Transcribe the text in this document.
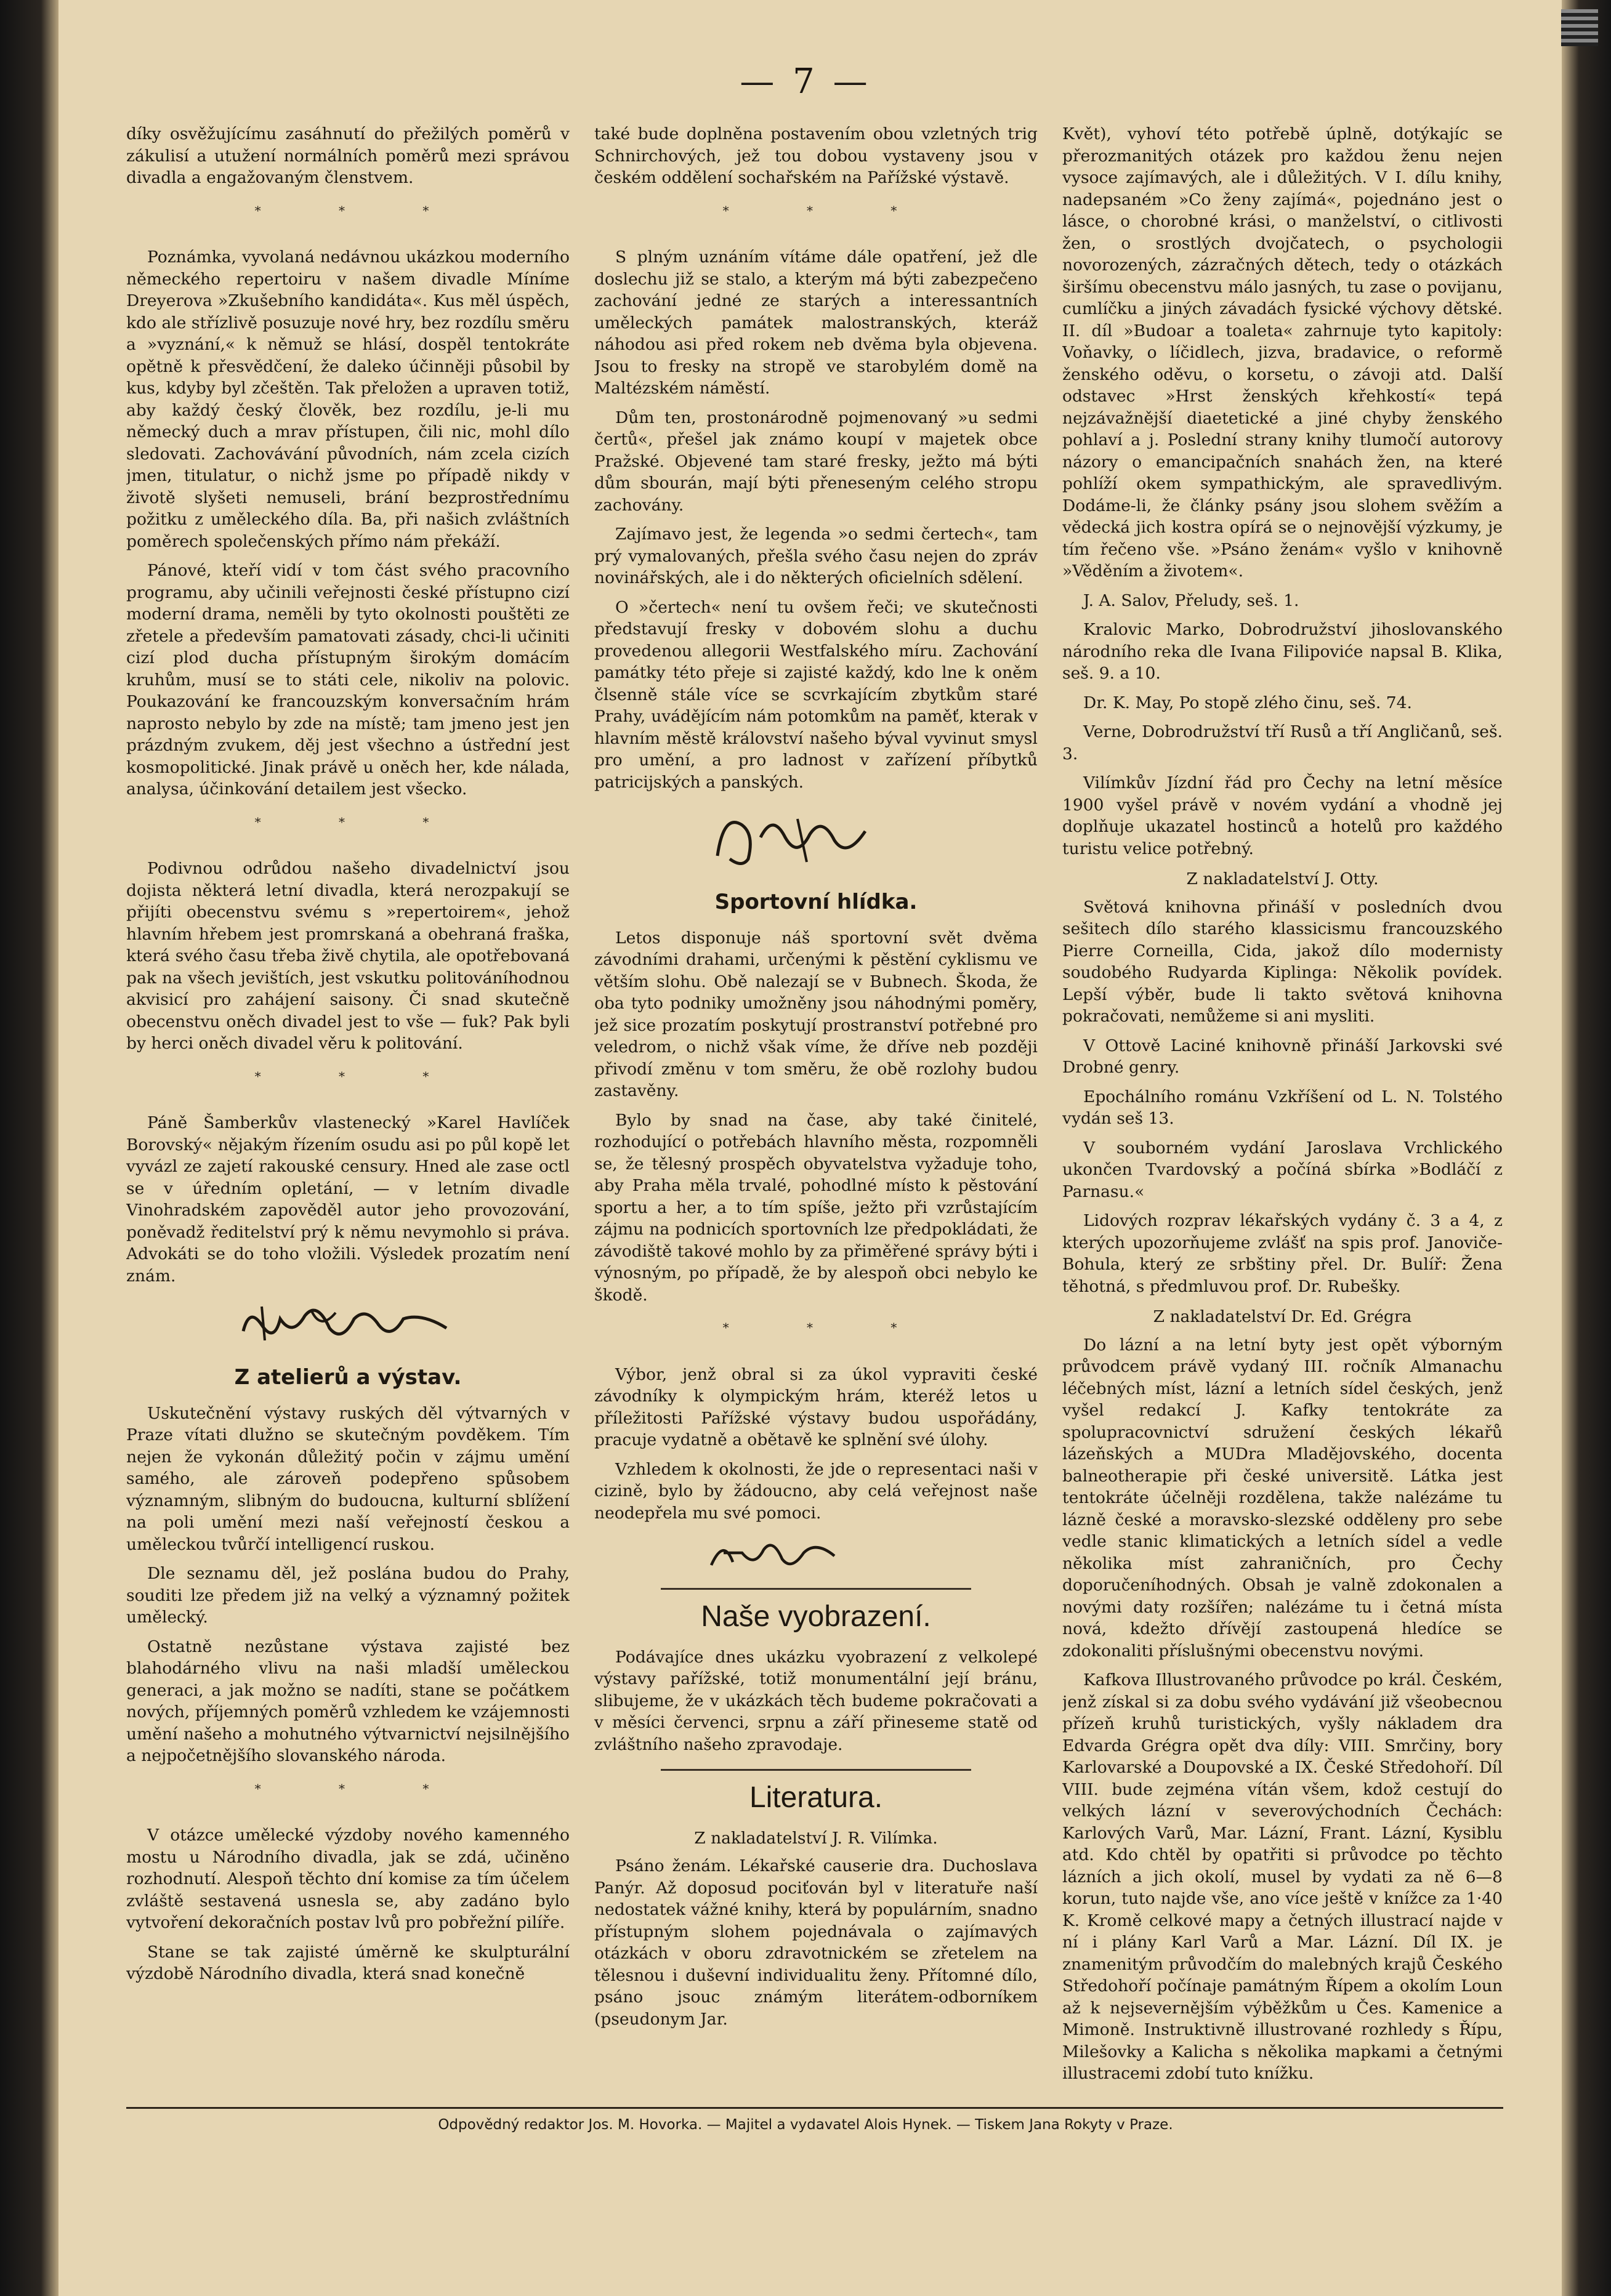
— 7 —

díky osvěžujícímu zasáhnutí do přežilých poměrů v zákulisí a utužení normálních poměrů mezi správou divadla a engažovaným členstvem.

* * *

Poznámka, vyvolaná nedávnou ukázkou moderního německého repertoiru v našem divadle Míníme Dreyerova »Zkušebního kandidáta«. Kus měl úspěch, kdo ale střízlivě posuzuje nové hry, bez rozdílu směru a »vyznání,« k němuž se hlásí, dospěl tentokráte opětně k přesvědčení, že daleko účinněji působil by kus, kdyby byl zčeštěn. Tak přeložen a upraven totiž, aby každý český člověk, bez rozdílu, je-li mu německý duch a mrav přístupen, čili nic, mohl dílo sledovati. Zachovávání původních, nám zcela cizích jmen, titulatur, o nichž jsme po případě nikdy v životě slyšeti nemuseli, brání bezprostřednímu požitku z uměleckého díla. Ba, při našich zvláštních poměrech společenských přímo nám překáží.

Pánové, kteří vidí v tom část svého pracovního programu, aby učinili veřejnosti české přístupno cizí moderní drama, neměli by tyto okolnosti pouštěti ze zřetele a především pamatovati zásady, chci-li učiniti cizí plod ducha přístupným širokým domácím kruhům, musí se to státi cele, nikoliv na polovic. Poukazování ke francouzským konversačním hrám naprosto nebylo by zde na místě; tam jmeno jest jen prázdným zvukem, děj jest všechno a ústřední jest kosmopolitické. Jinak právě u oněch her, kde nálada, analysa, účinkování detailem jest všecko.

* * *

Podivnou odrůdou našeho divadelnictví jsou dojista některá letní divadla, která nerozpakují se přijíti obecenstvu svému s »repertoirem«, jehož hlavním hřebem jest promrskaná a obehraná fraška, která svého času třeba živě chytila, ale opotřebovaná pak na všech jevištích, jest vskutku politováníhodnou akvisicí pro zahájení saisony. Či snad skutečně obecenstvu oněch divadel jest to vše — fuk? Pak byli by herci oněch divadel věru k politování.

* * *

Páně Šamberkův vlastenecký »Karel Havlíček Borovský« nějakým řízením osudu asi po půl kopě let vyvázl ze zajetí rakouské censury. Hned ale zase octl se v úředním opletání, — v letním divadle Vinohradském zapověděl autor jeho provozování, poněvadž ředitelství prý k němu nevymohlo si práva. Advokáti se do toho vložili. Výsledek prozatím není znám.

Z atelierů a výstav.

Uskutečnění výstavy ruských děl výtvarných v Praze vítati dlužno se skutečným povděkem. Tím nejen že vykonán důležitý počin v zájmu umění samého, ale zároveň podepřeno spůsobem významným, slibným do budoucna, kulturní sblížení na poli umění mezi naší veřejností českou a uměleckou tvůrčí intelligencí ruskou.

Dle seznamu děl, jež poslána budou do Prahy, souditi lze předem již na velký a významný požitek umělecký.

Ostatně nezůstane výstava zajisté bez blahodárného vlivu na naši mladší uměleckou generaci, a jak možno se nadíti, stane se počátkem nových, příjemných poměrů vzhledem ke vzájemnosti umění našeho a mohutného výtvarnictví nejsilnějšího a nejpočetnějšího slovanského národa.

* * *

V otázce umělecké výzdoby nového kamenného mostu u Národního divadla, jak se zdá, učiněno rozhodnutí. Alespoň těchto dní komise za tím účelem zvláště sestavená usnesla se, aby zadáno bylo vytvoření dekoračních postav lvů pro pobřežní pilíře.

Stane se tak zajisté úměrně ke skulpturální výzdobě Národního divadla, která snad konečně

také bude doplněna postavením obou vzletných trig Schnirchových, jež tou dobou vystaveny jsou v českém oddělení sochařském na Pařížské výstavě.

* * *

S plným uznáním vítáme dále opatření, jež dle doslechu již se stalo, a kterým má býti zabezpečeno zachování jedné ze starých a interessantních uměleckých památek malostranských, kteráž náhodou asi před rokem neb dvěma byla objevena. Jsou to fresky na stropě ve starobylém domě na Maltézském náměstí.

Dům ten, prostonárodně pojmenovaný »u sedmi čertů«, přešel jak známo koupí v majetek obce Pražské. Objevené tam staré fresky, ježto má býti dům sbourán, mají býti přeneseným celého stropu zachovány.

Zajímavo jest, že legenda »o sedmi čertech«, tam prý vymalovaných, přešla svého času nejen do zpráv novinářských, ale i do některých oficielních sdělení.

O »čertech« není tu ovšem řeči; ve skutečnosti představují fresky v dobovém slohu a duchu provedenou allegorii Westfalského míru. Zachování památky této přeje si zajisté každý, kdo lne k oněm člsenně stále více se scvrkajícím zbytkům staré Prahy, uvádějícím nám potomkům na paměť, kterak v hlavním městě království našeho býval vyvinut smysl pro umění, a pro ladnost v zařízení příbytků patricijských a panských.

Sportovní hlídka.

Letos disponuje náš sportovní svět dvěma závodními drahami, určenými k pěstění cyklismu ve větším slohu. Obě nalezají se v Bubnech. Škoda, že oba tyto podniky umožněny jsou náhodnými poměry, jež sice prozatím poskytují prostranství potřebné pro veledrom, o nichž však víme, že dříve neb později přivodí změnu v tom směru, že obě rozlohy budou zastavěny.

Bylo by snad na čase, aby také činitelé, rozhodující o potřebách hlavního města, rozpomněli se, že tělesný prospěch obyvatelstva vyžaduje toho, aby Praha měla trvalé, pohodlné místo k pěstování sportu a her, a to tím spíše, ježto při vzrůstajícím zájmu na podnicích sportovních lze předpokládati, že závodiště takové mohlo by za přiměřené správy býti i výnosným, po případě, že by alespoň obci nebylo ke škodě.

* * *

Výbor, jenž obral si za úkol vypraviti české závodníky k olympickým hrám, kteréž letos u příležitosti Pařížské výstavy budou uspořádány, pracuje vydatně a obětavě ke splnění své úlohy.

Vzhledem k okolnosti, že jde o representaci naši v cizině, bylo by žádoucno, aby celá veřejnost naše neodepřela mu své pomoci.

Naše vyobrazení.

Podávajíce dnes ukázku vyobrazení z velkolepé výstavy pařížské, totiž monumentální její bránu, slibujeme, že v ukázkách těch budeme pokračovati a v měsíci červenci, srpnu a září přineseme statě od zvláštního našeho zpravodaje.

Literatura.

Z nakladatelství J. R. Vilímka.

Psáno ženám. Lékařské causerie dra. Duchoslava Panýr. Až doposud pociťován byl v literatuře naší nedostatek vážné knihy, která by populárním, snadno přístupným slohem pojednávala o zajímavých otázkách v oboru zdravotnickém se zřetelem na tělesnou i duševní individualitu ženy. Přítomné dílo, psáno jsouc známým literátem-odborníkem (pseudonym Jar.

Květ), vyhoví této potřebě úplně, dotýkajíc se přerozmanitých otázek pro každou ženu nejen vysoce zajímavých, ale i důležitých. V I. dílu knihy, nadepsaném »Co ženy zajímá«, pojednáno jest o lásce, o chorobné krási, o manželství, o citlivosti žen, o srostlých dvojčatech, o psychologii novorozených, zázračných dětech, tedy o otázkách širšímu obecenstvu málo jasných, tu zase o povijanu, cumlíčku a jiných závadách fysické výchovy dětské. II. díl »Budoar a toaleta« zahrnuje tyto kapitoly: Voňavky, o líčidlech, jizva, bradavice, o reformě ženského oděvu, o korsetu, o závoji atd. Další odstavec »Hrst ženských křehkostí« tepá nejzávažnější diaetetické a jiné chyby ženského pohlaví a j. Poslední strany knihy tlumočí autorovy názory o emancipačních snahách žen, na které pohlíží okem sympathickým, ale spravedlivým. Dodáme-li, že články psány jsou slohem svěžím a vědecká jich kostra opírá se o nejnovější výzkumy, je tím řečeno vše. »Psáno ženám« vyšlo v knihovně »Věděním a životem«.

J. A. Salov, Přeludy, seš. 1.

Kralovic Marko, Dobrodružství jihoslovanského národního reka dle Ivana Filipoviće napsal B. Klika, seš. 9. a 10.

Dr. K. May, Po stopě zlého činu, seš. 74.

Verne, Dobrodružství tří Rusů a tří Angličanů, seš. 3.

Vilímkův Jízdní řád pro Čechy na letní měsíce 1900 vyšel právě v novém vydání a vhodně jej doplňuje ukazatel hostinců a hotelů pro každého turistu velice potřebný.

Z nakladatelství J. Otty.

Světová knihovna přináší v posledních dvou sešitech dílo starého klassicismu francouzského Pierre Corneilla, Cida, jakož dílo modernisty soudobého Rudyarda Kiplinga: Několik povídek. Lepší výběr, bude li takto světová knihovna pokračovati, nemůžeme si ani mysliti.

V Ottově Laciné knihovně přináší Jarkovski své Drobné genry.

Epochálního románu Vzkříšení od L. N. Tolstého vydán seš 13.

V souborném vydání Jaroslava Vrchlického ukončen Tvardovský a počíná sbírka »Bodláčí z Parnasu.«

Lidových rozprav lékařských vydány č. 3 a 4, z kterých upozorňujeme zvlášť na spis prof. Janoviče-Bohula, který ze srbštiny přel. Dr. Bulíř: Žena těhotná, s předmluvou prof. Dr. Rubešky.

Z nakladatelství Dr. Ed. Grégra

Do lázní a na letní byty jest opět výborným průvodcem právě vydaný III. ročník Almanachu léčebných míst, lázní a letních sídel českých, jenž vyšel redakcí J. Kafky tentokráte za spolupracovnictví sdružení českých lékařů lázeňských a MUDra Mladějovského, docenta balneotherapie při české universitě. Látka jest tentokráte účelněji rozdělena, takže nalézáme tu lázně české a moravsko-slezské odděleny pro sebe vedle stanic klimatických a letních sídel a vedle několika míst zahraničních, pro Čechy doporučeníhodných. Obsah je valně zdokonalen a novými daty rozšířen; nalézáme tu i četná místa nová, kdežto dřívějí zastoupená hledíce se zdokonaliti příslušnými obecenstvu novými.

Kafkova Illustrovaného průvodce po král. Českém, jenž získal si za dobu svého vydávání již všeobecnou přízeň kruhů turistických, vyšly nákladem dra Edvarda Grégra opět dva díly: VIII. Smrčiny, bory Karlovarské a Doupovské a IX. České Středohoří. Díl VIII. bude zejména vítán všem, kdož cestují do velkých lázní v severovýchodních Čechách: Karlových Varů, Mar. Lázní, Frant. Lázní, Kysiblu atd. Kdo chtěl by opatřiti si průvodce po těchto lázních a jich okolí, musel by vydati za ně 6—8 korun, tuto najde vše, ano více ještě v knížce za 1·40 K. Kromě celkové mapy a četných illustrací najde v ní i plány Karl Varů a Mar. Lázní. Díl IX. je znamenitým průvodčím do malebných krajů Českého Středohoří počínaje památným Řípem a okolím Loun až k nejsevernějším výběžkům u Čes. Kamenice a Mimoně. Instruktivně illustrované rozhledy s Řípu, Milešovky a Kalicha s několika mapkami a četnými illustracemi zdobí tuto knížku.

Odpovědný redaktor Jos. M. Hovorka. — Majitel a vydavatel Alois Hynek. — Tiskem Jana Rokyty v Praze.
